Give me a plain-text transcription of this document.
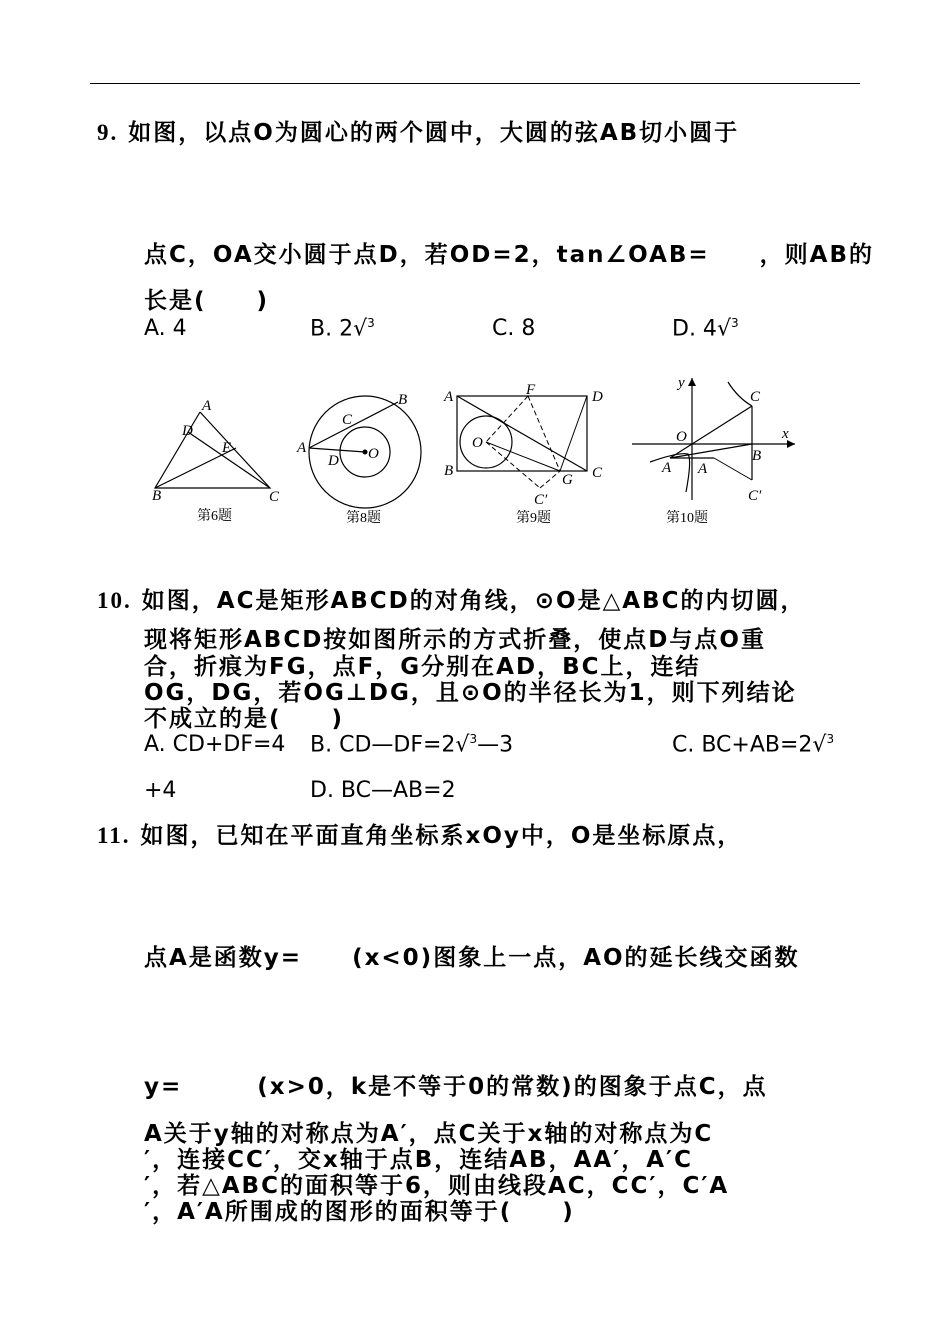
9. 如图，以点O为圆心的两个圆中，大圆的弦AB切小圆于
点C，OA交小圆于点D，若OD=2，tan∠OAB=　　，则AB的
长是(　　)
A. 4	B. 2√$^3$	C. 8	D. 4√$^3$
A
D
E
B	C
第6题
B
C
A
D O
第8题
A	F	D
O
B	C
G
C′
第9题
y
C
O	x
A A
B
C′
第10题
10. 如图，AC是矩形ABCD的对角线，⊙O是△ABC的内切圆，
现将矩形ABCD按如图所示的方式折叠，使点D与点O重
合，折痕为FG，点F，G分别在AD，BC上，连结
OG，DG，若OG⊥DG，且⊙O的半径长为1，则下列结论
不成立的是(　　)
A. CD+DF=4 B. CD—DF=2√$^3$—3	C. BC+AB=2√$^3$
+4	D. BC—AB=2
11. 如图，已知在平面直角坐标系xOy中，O是坐标原点，
点A是函数y=　　(x<0)图象上一点，AO的延长线交函数
y=　　　(x>0，k是不等于0的常数)的图象于点C，点
A关于y轴的对称点为A′，点C关于x轴的对称点为C
′，连接CC′，交x轴于点B，连结AB，AA′，A′C
′，若△ABC的面积等于6，则由线段AC，CC′，C′A
′，A′A所围成的图形的面积等于(　　)
